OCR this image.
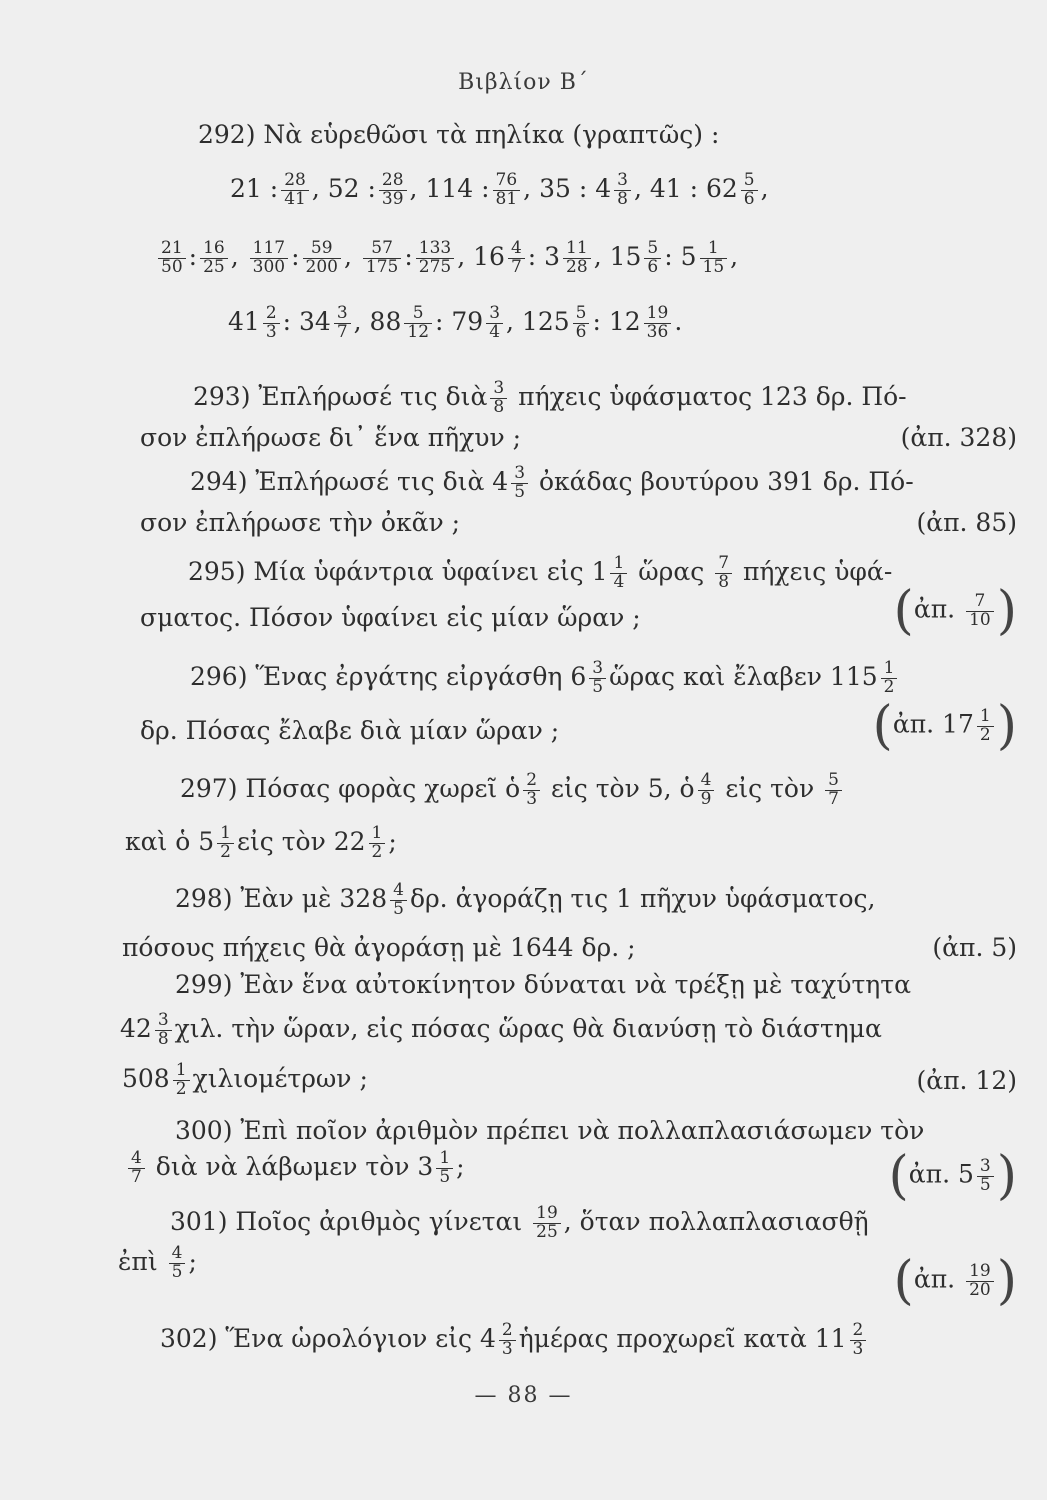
Βιβλίον Β΄
292) Νὰ εὑρεθῶσι τὰ πηλίκα (γραπτῶς) :
21 : $\frac{28}{41}$ , 52 : $\frac{28}{39}$ , 114 : $\frac{76}{81}$ , 35 : $4 \frac{3}{8}$ , 41 : $62 \frac{5}{6}$ ,
$\frac{21}{50}$ : $\frac{16}{25}$ , $\frac{117}{300}$ : $\frac{59}{200}$ , $\frac{57}{175}$ : $\frac{133}{275}$ , $16 \frac{4}{7}$ : $3 \frac{11}{28}$ , $15 \frac{5}{6}$ : $5 \frac{1}{15}$ ,
$41 \frac{2}{3}$ : $34 \frac{3}{7}$ , $88 \frac{5}{12}$ : $79 \frac{3}{4}$ , $125 \frac{5}{6}$ : $12 \frac{19}{36}$ .
293) Ἐπλήρωσέ τις διὰ $\frac{3}{8}$ πήχεις ὑφάσματος 123 δρ. Πό-
σον ἐπλήρωσε δι᾽ ἕνα πῆχυν ;	(ἀπ. 328)
294) Ἐπλήρωσέ τις διὰ $4 \frac{3}{5}$ ὀκάδας βουτύρου 391 δρ. Πό-
σον ἐπλήρωσε τὴν ὀκᾶν ;	(ἀπ. 85)
295) Μία ὑφάντρια ὑφαίνει εἰς $1 \frac{1}{4}$ ὥρας $\frac{7}{8}$ πήχεις ὑφά-
σματος. Πόσον ὑφαίνει εἰς μίαν ὥραν ;	(ἀπ. $\frac{7}{10}$ )
296) Ἕνας ἐργάτης εἰργάσθη $6 \frac{3}{5}$ ὥρας καὶ ἔλαβεν $115 \frac{1}{2}$
δρ. Πόσας ἔλαβε διὰ μίαν ὥραν ;	(ἀπ. $17 \frac{1}{2}$ )
297) Πόσας φορὰς χωρεῖ ὁ $\frac{2}{3}$ εἰς τὸν 5, ὁ $\frac{4}{9}$ εἰς τὸν $\frac{5}{7}$
καὶ ὁ $5 \frac{1}{2}$ εἰς τὸν $22 \frac{1}{2}$ ;
298) Ἐὰν μὲ $328 \frac{4}{5} \delta\rho$. ἀγοράζῃ τις 1 πῆχυν ὑφάσματος,
πόσους πήχεις θὰ ἀγοράσῃ μὲ 1644 δρ. ;	(ἀπ. 5)
299) Ἐὰν ἕνα αὐτοκίνητον δύναται νὰ τρέξῃ μὲ ταχύτητα
$42 \frac{3}{8} \chi\iota\lambda$. τὴν ὥραν, εἰς πόσας ὥρας θὰ διανύσῃ τὸ διάστημα
$508 \frac{1}{2}$ χιλιομέτρων ;	(ἀπ. 12)
300) Ἐπὶ ποῖον ἀριθμὸν πρέπει νὰ πολλαπλασιάσωμεν τὸν
$\frac{4}{7}$ διὰ νὰ λάβωμεν τὸν $3 \frac{1}{5}$ ;	(ἀπ. $5 \frac{3}{5}$ )
301) Ποῖος ἀριθμὸς γίνεται $\frac{19}{25}$ , ὅταν πολλαπλασιασθῇ
ἐπὶ $\frac{4}{5}$ ;	(ἀπ. $\frac{19}{20}$ )
302) Ἕνα ὡρολόγιον εἰς $4 \frac{2}{3}$ ἡμέρας προχωρεῖ κατὰ $11 \frac{2}{3}$
— 88 —
